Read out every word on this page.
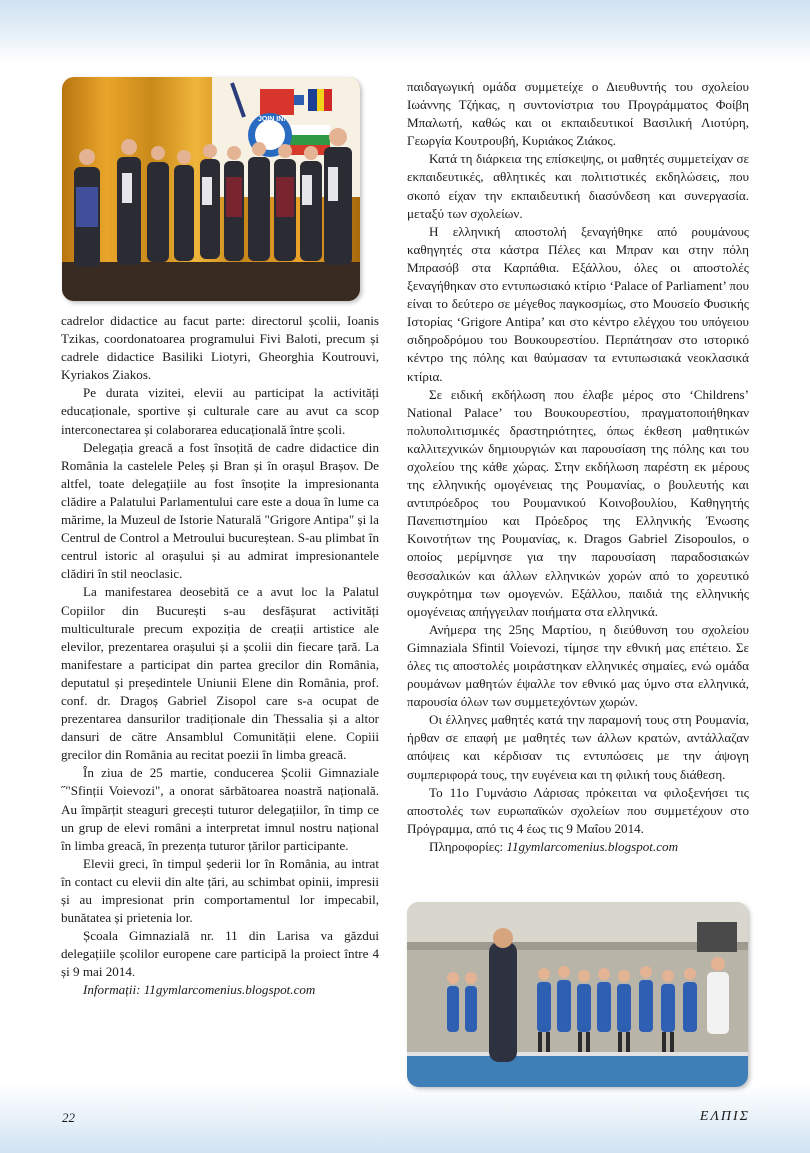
JOIN IN!

cadrelor didactice au facut parte: directorul școlii, Ioanis Tzikas, coordonatoarea programului Fivi Baloti, precum și cadrele didactice Basiliki Liotyri, Gheorghia Koutrouvi, Kyriakos Ziakos.

Pe durata vizitei, elevii au participat la activități educaționale, sportive și culturale care au avut ca scop interconectarea și colaborarea educațională între școli.

Delegația greacă a fost însoțită de cadre didactice din România la castelele Peleș și Bran și în orașul Brașov. De altfel, toate delegațiile au fost însoțite la impresionanta clădire a Palatului Parlamentului care este a doua în lume ca mărime, la Muzeul de Istorie Naturală "Grigore Antipa" și la Centrul de Control a Metroului bucureștean. S-au plimbat în centrul istoric al orașului și au admirat impresionantele clădiri în stil neoclasic.

La manifestarea deosebită ce a avut loc la Palatul Copiilor din București s-au desfășurat activități multiculturale precum expoziția de creații artistice ale elevilor, prezentarea orașului și a școlii din fiecare țară. La manifestare a participat din partea grecilor din România, deputatul și președintele Uniunii Elene din România, prof. conf. dr. Dragoș Gabriel Zisopol care s-a ocupat de prezentarea dansurilor tradiționale din Thessalia și a altor dansuri de către Ansamblul Comunității elene. Copiii grecilor din România au recitat poezii în limba greacă.

În ziua de 25 martie, conducerea Școlii Gimnaziale ˝"Sfinții Voievozi", a onorat sărbătoarea noastră națională. Au împărțit steaguri grecești tuturor delegațiilor, în timp ce un grup de elevi români a interpretat imnul nostru național în limba greacă, în prezența tuturor țărilor participante.

Elevii greci, în timpul șederii lor în România, au intrat în contact cu elevii din alte țări, au schimbat opinii, impresii și au impresionat prin comportamentul lor impecabil, bunătatea și prietenia lor.

Școala Gimnazială nr. 11 din Larisa va găzdui delegațiile școlilor europene care participă la proiect între 4 și 9 mai 2014.

Informații: 11gymlarcomenius.blogspot.com

παιδαγωγική ομάδα συμμετείχε ο Διευθυντής του σχολείου Ιωάννης Τζήκας, η συντονίστρια του Προγράμματος Φοίβη Μπαλωτή, καθώς και οι εκπαιδευτικοί Βασιλική Λιοτύρη, Γεωργία Κουτρουβή, Κυριάκος Ζιάκος.

Κατά τη διάρκεια της επίσκεψης, οι μαθητές συμμετείχαν σε εκπαιδευτικές, αθλητικές και πολιτιστικές εκδηλώσεις, που σκοπό είχαν την εκπαιδευτική διασύνδεση και συνεργασία. μεταξύ των σχολείων.

Η ελληνική αποστολή ξεναγήθηκε από ρουμάνους καθηγητές στα κάστρα Πέλες και Μπραν και στην πόλη Μπρασόβ στα Καρπάθια. Εξάλλου, όλες οι αποστολές ξεναγήθηκαν στο εντυπωσιακό κτίριο ‘Palace of Parliament’ που είναι το δεύτερο σε μέγεθος παγκοσμίως, στο Μουσείο Φυσικής Ιστορίας ‘Grigore Antipa’ και στο κέντρο ελέγχου του υπόγειου σιδηροδρόμου του Βουκουρεστίου. Περπάτησαν στο ιστορικό κέντρο της πόλης και θαύμασαν τα εντυπωσιακά νεοκλασικά κτίρια.

Σε ειδική εκδήλωση που έλαβε μέρος στο ‘Childrens’ National Palace’ του Βουκουρεστίου, πραγματοποιήθηκαν πολυπολιτισμικές δραστηριότητες, όπως έκθεση μαθητικών καλλιτεχνικών δημιουργιών και παρουσίαση της πόλης και του σχολείου της κάθε χώρας. Στην εκδήλωση παρέστη εκ μέρους της ελληνικής ομογένειας της Ρουμανίας, ο βουλευτής και αντιπρόεδρος του Ρουμανικού Κοινοβουλίου, Καθηγητής Πανεπιστημίου και Πρόεδρος της Ελληνικής Ένωσης Κοινοτήτων της Ρουμανίας, κ. Dragos Gabriel Zisopoulos, ο οποίος μερίμνησε για την παρουσίαση παραδοσιακών θεσσαλικών και άλλων ελληνικών χορών από το χορευτικό συγκρότημα των ομογενών. Εξάλλου, παιδιά της ελληνικής ομογένειας απήγγειλαν ποιήματα στα ελληνικά.

Ανήμερα της 25ης Μαρτίου, η διεύθυνση του σχολείου Gimnaziala Sfintil Voievozi, τίμησε την εθνική μας επέτειο. Σε όλες τις αποστολές μοιράστηκαν ελληνικές σημαίες, ενώ ομάδα ρουμάνων μαθητών έψαλλε τον εθνικό μας ύμνο στα ελληνικά, παρουσία όλων των συμμετεχόντων χωρών.

Οι έλληνες μαθητές κατά την παραμονή τους στη Ρουμανία, ήρθαν σε επαφή με μαθητές των άλλων κρατών, αντάλλαζαν απόψεις και κέρδισαν τις εντυπώσεις με την άψογη συμπεριφορά τους, την ευγένεια και τη φιλική τους διάθεση.

Το 11ο Γυμνάσιο Λάρισας πρόκειται να φιλοξενήσει τις αποστολές των ευρωπαϊκών σχολείων που συμμετέχουν στο Πρόγραμμα, από τις 4 έως τις 9 Μαΐου 2014.

Πληροφορίες: 11gymlarcomenius.blogspot.com

22	ΕΛΠΙΣ
